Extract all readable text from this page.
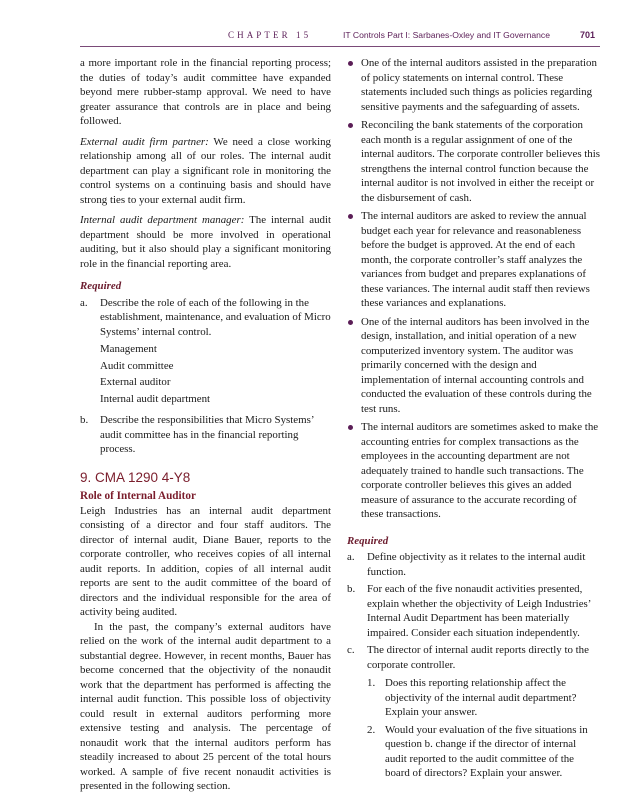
CHAPTER 15	IT Controls Part I: Sarbanes-Oxley and IT Governance	701

a more important role in the financial reporting process; the duties of today’s audit committee have expanded beyond mere rubber-stamp approval. We need to have greater assurance that controls are in place and being followed.

External audit firm partner: We need a close working relationship among all of our roles. The internal audit department can play a significant role in monitoring the control systems on a continuing basis and should have strong ties to your external audit firm.

Internal audit department manager: The internal audit department should be more involved in operational auditing, but it also should play a significant monitoring role in the financial reporting area.

Required
a. Describe the role of each of the following in the establishment, maintenance, and evaluation of Micro Systems’ internal control.
Management
Audit committee
External auditor
Internal audit department
b. Describe the responsibilities that Micro Systems’ audit committee has in the financial reporting process.
9. CMA 1290 4-Y8

Role of Internal Auditor

Leigh Industries has an internal audit department consisting of a director and four staff auditors. The director of internal audit, Diane Bauer, reports to the corporate controller, who receives copies of all internal audit reports. In addition, copies of all internal audit reports are sent to the audit committee of the board of directors and the individual responsible for the area of activity being audited.

In the past, the company’s external auditors have relied on the work of the internal audit department to a substantial degree. However, in recent months, Bauer has become concerned that the objectivity of the nonaudit work that the department has performed is affecting the internal audit function. This possible loss of objectivity could result in external auditors performing more extensive testing and analysis. The percentage of nonaudit work that the internal auditors perform has steadily increased to about 25 percent of the total hours worked. A sample of five recent nonaudit activities is presented in the following section.

One of the internal auditors assisted in the preparation of policy statements on internal control. These statements included such things as policies regarding sensitive payments and the safeguarding of assets.
Reconciling the bank statements of the corporation each month is a regular assignment of one of the internal auditors. The corporate controller believes this strengthens the internal control function because the internal auditor is not involved in either the receipt or the disbursement of cash.
The internal auditors are asked to review the annual budget each year for relevance and reasonableness before the budget is approved. At the end of each month, the corporate controller’s staff analyzes the variances from budget and prepares explanations of these variances. The internal audit staff then reviews these variances and explanations.
One of the internal auditors has been involved in the design, installation, and initial operation of a new computerized inventory system. The auditor was primarily concerned with the design and implementation of internal accounting controls and conducted the evaluation of these controls during the test runs.
The internal auditors are sometimes asked to make the accounting entries for complex transactions as the employees in the accounting department are not adequately trained to handle such transactions. The corporate controller believes this gives an added measure of assurance to the accurate recording of these transactions.
Required
a. Define objectivity as it relates to the internal audit function.
b. For each of the five nonaudit activities presented, explain whether the objectivity of Leigh Industries’ Internal Audit Department has been materially impaired. Consider each situation independently.
c. The director of internal audit reports directly to the corporate controller.
1. Does this reporting relationship affect the objectivity of the internal audit department? Explain your answer.
2. Would your evaluation of the five situations in question b. change if the director of internal audit reported to the audit committee of the board of directors? Explain your answer.
